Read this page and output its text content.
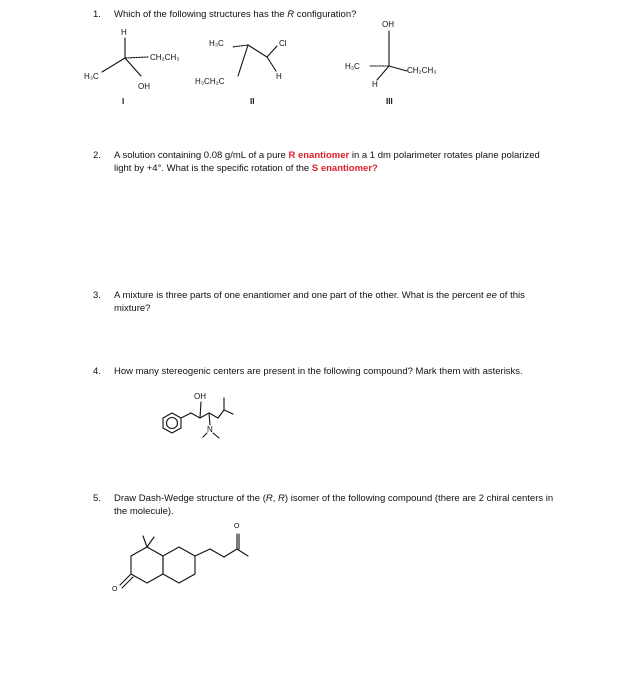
1. Which of the following structures has the R configuration?
2. A solution containing 0.08 g/mL of a pure R enantiomer in a 1 dm polarimeter rotates plane polarized light by +4°. What is the specific rotation of the S enantiomer?
3. A mixture is three parts of one enantiomer and one part of the other. What is the percent ee of this mixture?
4. How many stereogenic centers are present in the following compound? Mark them with asterisks.
5. Draw Dash-Wedge structure of the (R, R) isomer of the following compound (there are 2 chiral centers in the molecule).
H
CH₂CH₃
H₃C
OH
I
H₃C	Cl
H
H₃CH₂C
II
OH
H₃C	CH₂CH₃
H
III
OH
N
O
O
